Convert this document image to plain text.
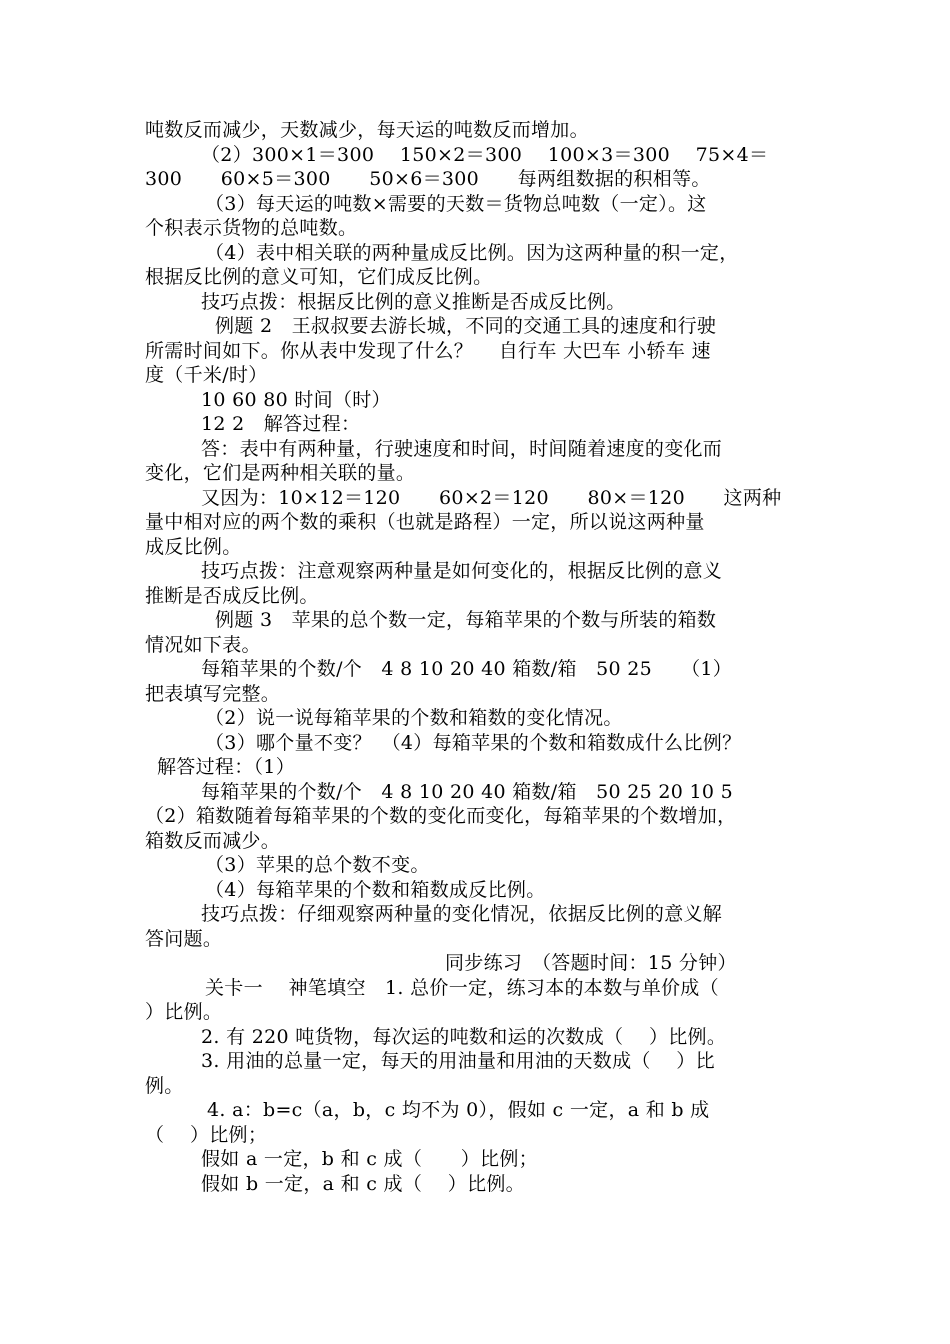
吨数反而减少，天数减少，每天运的吨数反而增加。
（2）300×1＝300　 150×2＝300　 100×3＝300　 75×4＝
300　　60×5＝300　　50×6＝300　　每两组数据的积相等。
（3）每天运的吨数×需要的天数＝货物总吨数（一定）。这
个积表示货物的总吨数。
（4）表中相关联的两种量成反比例。因为这两种量的积一定，
根据反比例的意义可知，它们成反比例。
技巧点拨：根据反比例的意义推断是否成反比例。
例题 2　王叔叔要去游长城，不同的交通工具的速度和行驶
所需时间如下。你从表中发现了什么？　 自行车 大巴车 小轿车 速
度（千米/时）
10 60 80 时间（时）
12 2　解答过程：
答：表中有两种量，行驶速度和时间，时间随着速度的变化而
变化，它们是两种相关联的量。
又因为：10×12＝120　　60×2＝120　　80×＝120　　这两种
量中相对应的两个数的乘积（也就是路程）一定，所以说这两种量
成反比例。
技巧点拨：注意观察两种量是如何变化的，根据反比例的意义
推断是否成反比例。
例题 3　苹果的总个数一定，每箱苹果的个数与所装的箱数
情况如下表。
每箱苹果的个数/个　4 8 10 20 40 箱数/箱　50 25　　（1）
把表填写完整。
（2）说一说每箱苹果的个数和箱数的变化情况。
（3）哪个量不变？　（4）每箱苹果的个数和箱数成什么比例？
解答过程：（1）
每箱苹果的个数/个　4 8 10 20 40 箱数/箱　50 25 20 10 5
（2）箱数随着每箱苹果的个数的变化而变化，每箱苹果的个数增加，
箱数反而减少。
（3）苹果的总个数不变。
（4）每箱苹果的个数和箱数成反比例。
技巧点拨：仔细观察两种量的变化情况，依据反比例的意义解
答问题。
同步练习　（答题时间：15 分钟）
关卡一　 神笔填空　1. 总价一定，练习本的本数与单价成（
）比例。
2. 有 220 吨货物，每次运的吨数和运的次数成（　 ）比例。
3. 用油的总量一定，每天的用油量和用油的天数成（　 ）比
例。
4. a：b=c（a，b，c 均不为 0），假如 c 一定，a 和 b 成
（　 ）比例；
假如 a 一定，b 和 c 成（　　）比例；
假如 b 一定，a 和 c 成（　 ）比例。
